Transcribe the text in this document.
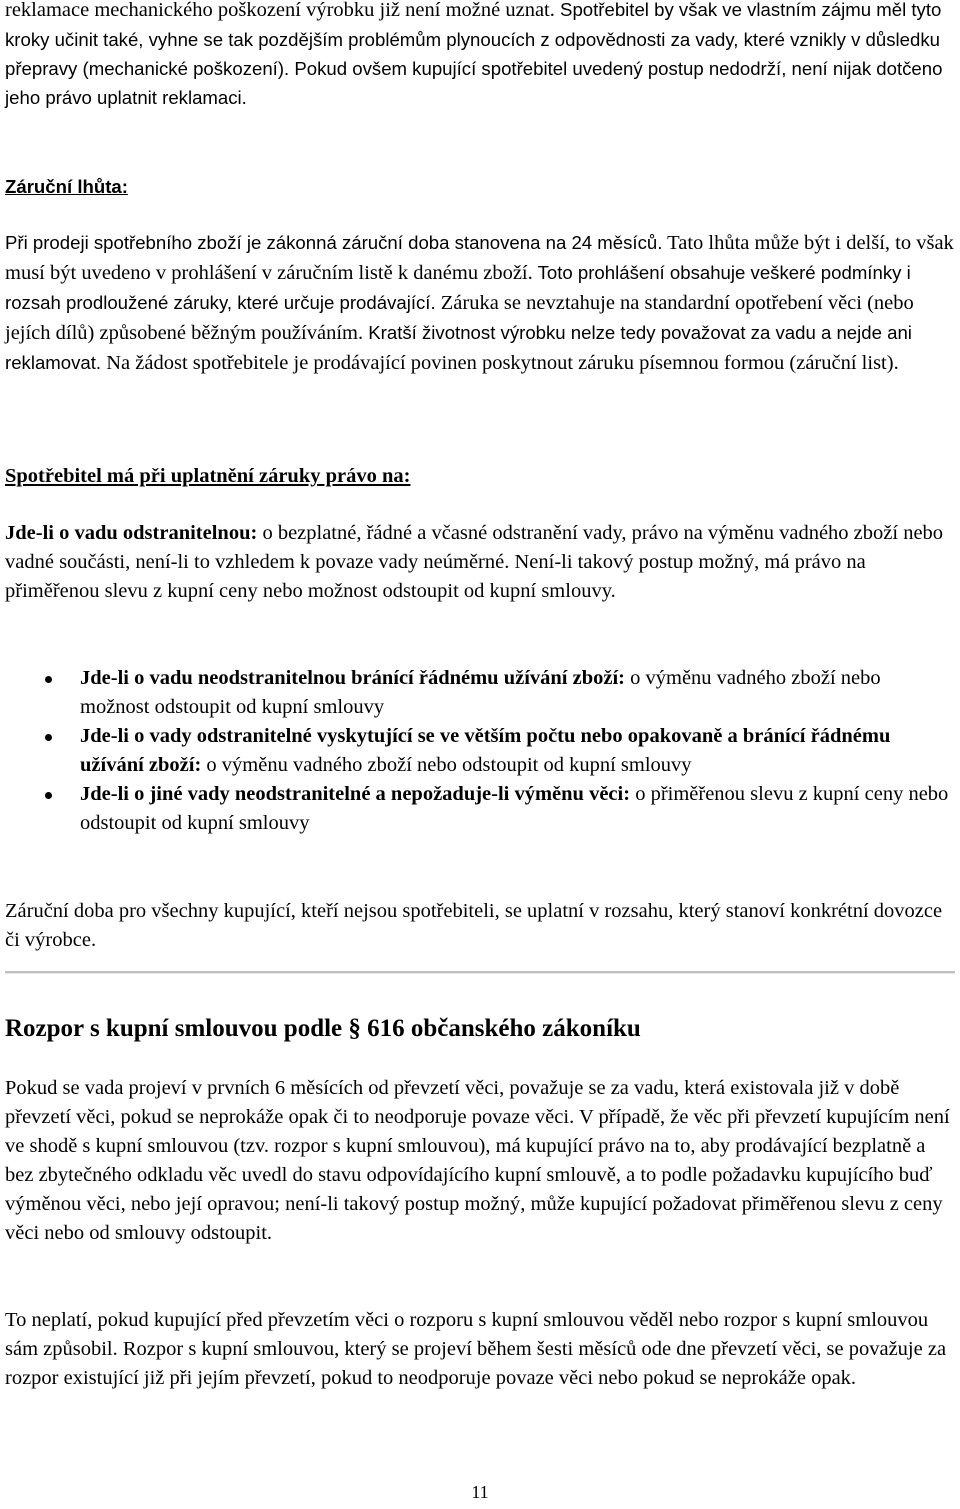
reklamace mechanického poškození výrobku již není možné uznat. Spotřebitel by však ve vlastním zájmu měl tyto kroky učinit také, vyhne se tak pozdějším problémům plynoucích z odpovědnosti za vady, které vznikly v důsledku přepravy (mechanické poškození). Pokud ovšem kupující spotřebitel uvedený postup nedodrží, není nijak dotčeno jeho právo uplatnit reklamaci.

Záruční lhůta:

Při prodeji spotřebního zboží je zákonná záruční doba stanovena na 24 měsíců. Tato lhůta může být i delší, to však musí být uvedeno v prohlášení v záručním listě k danému zboží. Toto prohlášení obsahuje veškeré podmínky i rozsah prodloužené záruky, které určuje prodávající. Záruka se nevztahuje na standardní opotřebení věci (nebo jejích dílů) způsobené běžným používáním. Kratší životnost výrobku nelze tedy považovat za vadu a nejde ani reklamovat. Na žádost spotřebitele je prodávající povinen poskytnout záruku písemnou formou (záruční list).

Spotřebitel má při uplatnění záruky právo na:

Jde-li o vadu odstranitelnou: o bezplatné, řádné a včasné odstranění vady, právo na výměnu vadného zboží nebo vadné součásti, není-li to vzhledem k povaze vady neúměrné. Není-li takový postup možný, má právo na přiměřenou slevu z kupní ceny nebo možnost odstoupit od kupní smlouvy.

Jde-li o vadu neodstranitelnou bránící řádnému užívání zboží: o výměnu vadného zboží nebo možnost odstoupit od kupní smlouvy
Jde-li o vady odstranitelné vyskytující se ve větším počtu nebo opakovaně a bránící řádnému užívání zboží: o výměnu vadného zboží nebo odstoupit od kupní smlouvy
Jde-li o jiné vady neodstranitelné a nepožaduje-li výměnu věci: o přiměřenou slevu z kupní ceny nebo odstoupit od kupní smlouvy

Záruční doba pro všechny kupující, kteří nejsou spotřebiteli, se uplatní v rozsahu, který stanoví konkrétní dovozce či výrobce.

Rozpor s kupní smlouvou podle § 616 občanského zákoníku

Pokud se vada projeví v prvních 6 měsících od převzetí věci, považuje se za vadu, která existovala již v době převzetí věci, pokud se neprokáže opak či to neodporuje povaze věci. V případě, že věc při převzetí kupujícím není ve shodě s kupní smlouvou (tzv. rozpor s kupní smlouvou), má kupující právo na to, aby prodávající bezplatně a bez zbytečného odkladu věc uvedl do stavu odpovídajícího kupní smlouvě, a to podle požadavku kupujícího buď výměnou věci, nebo její opravou; není-li takový postup možný, může kupující požadovat přiměřenou slevu z ceny věci nebo od smlouvy odstoupit.

To neplatí, pokud kupující před převzetím věci o rozporu s kupní smlouvou věděl nebo rozpor s kupní smlouvou sám způsobil. Rozpor s kupní smlouvou, který se projeví během šesti měsíců ode dne převzetí věci, se považuje za rozpor existující již při jejím převzetí, pokud to neodporuje povaze věci nebo pokud se neprokáže opak.

11
